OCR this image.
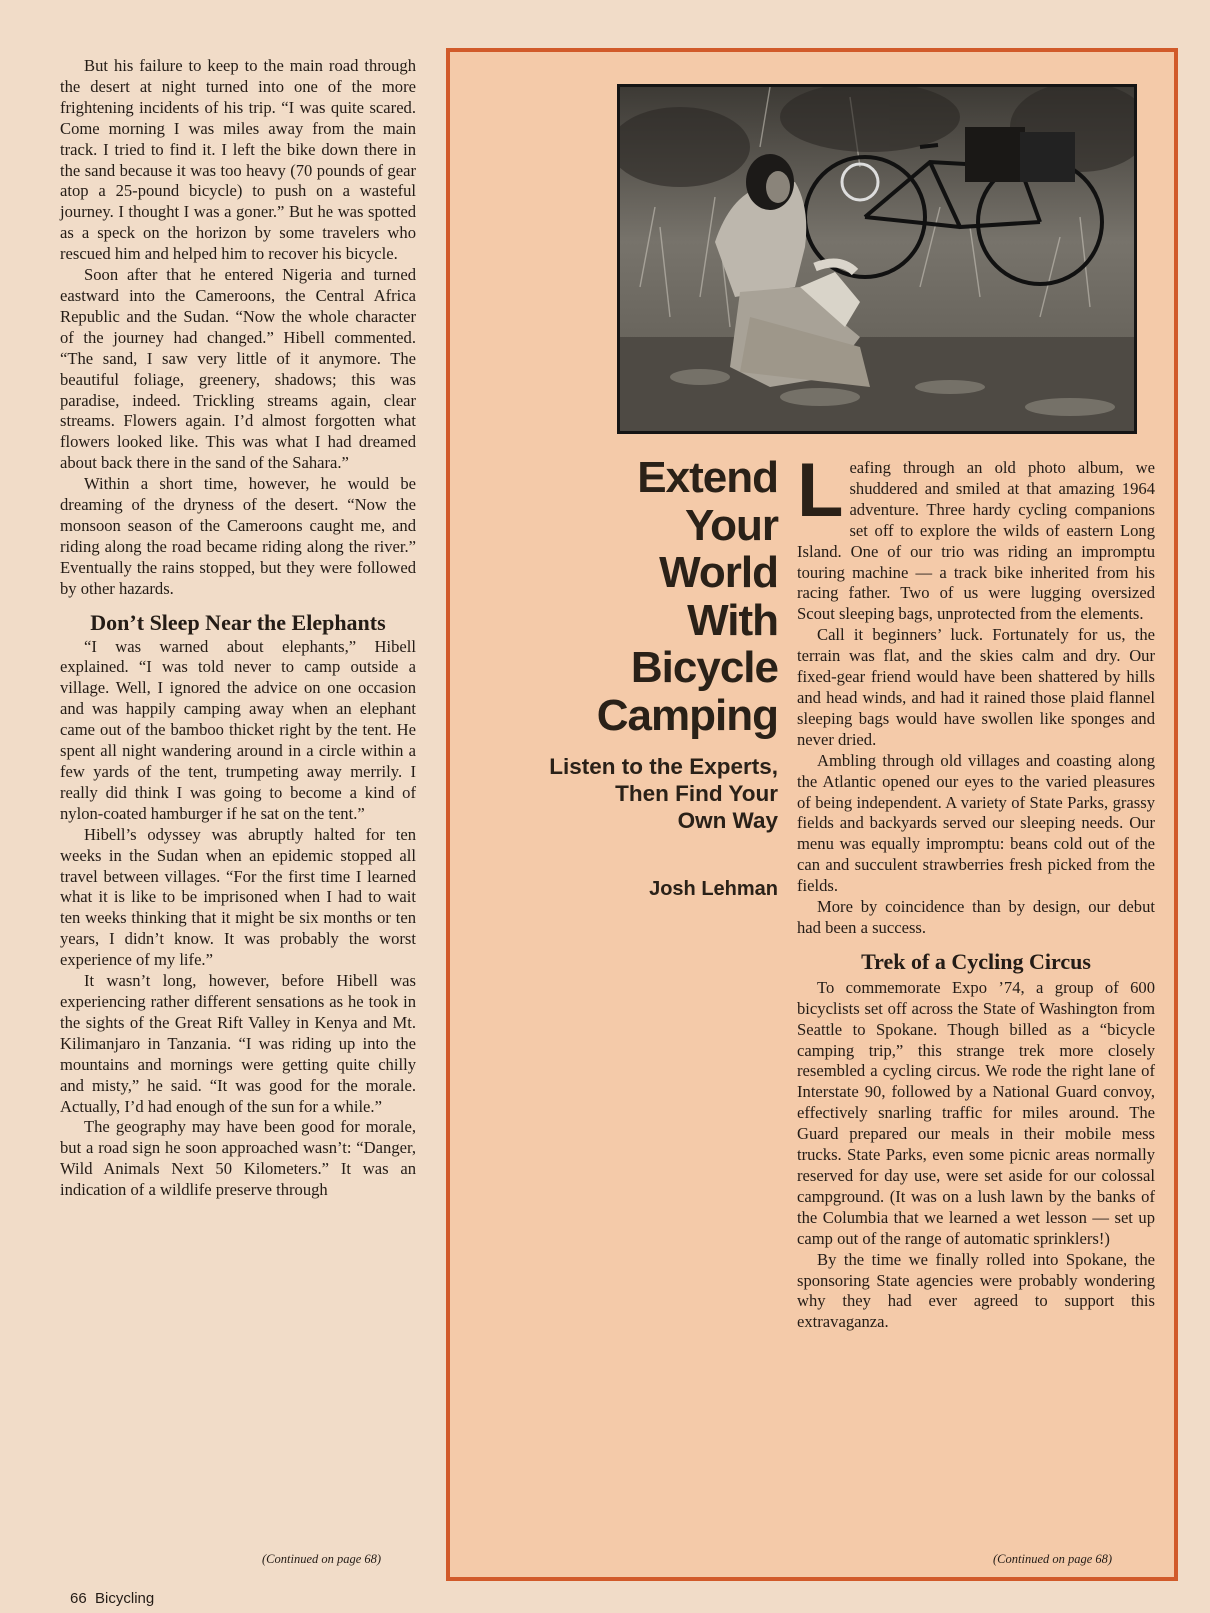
But his failure to keep to the main road through the desert at night turned into one of the more frightening incidents of his trip. “I was quite scared. Come morning I was miles away from the main track. I tried to find it. I left the bike down there in the sand because it was too heavy (70 pounds of gear atop a 25-pound bicycle) to push on a wasteful journey. I thought I was a goner.” But he was spotted as a speck on the horizon by some travelers who rescued him and helped him to recover his bicycle.

Soon after that he entered Nigeria and turned eastward into the Cameroons, the Central Africa Republic and the Sudan. “Now the whole character of the journey had changed.” Hibell commented. “The sand, I saw very little of it anymore. The beautiful foliage, greenery, shadows; this was paradise, indeed. Trickling streams again, clear streams. Flowers again. I’d almost forgotten what flowers looked like. This was what I had dreamed about back there in the sand of the Sahara.”

Within a short time, however, he would be dreaming of the dryness of the desert. “Now the monsoon season of the Cameroons caught me, and riding along the road became riding along the river.” Eventually the rains stopped, but they were followed by other hazards.

Don’t Sleep Near the Elephants

“I was warned about elephants,” Hibell explained. “I was told never to camp outside a village. Well, I ignored the advice on one occasion and was happily camping away when an elephant came out of the bamboo thicket right by the tent. He spent all night wandering around in a circle within a few yards of the tent, trumpeting away merrily. I really did think I was going to become a kind of nylon-coated hamburger if he sat on the tent.”

Hibell’s odyssey was abruptly halted for ten weeks in the Sudan when an epidemic stopped all travel between villages. “For the first time I learned what it is like to be imprisoned when I had to wait ten weeks thinking that it might be six months or ten years, I didn’t know. It was probably the worst experience of my life.”

It wasn’t long, however, before Hibell was experiencing rather different sensations as he took in the sights of the Great Rift Valley in Kenya and Mt. Kilimanjaro in Tanzania. “I was riding up into the mountains and mornings were getting quite chilly and misty,” he said. “It was good for the morale. Actually, I’d had enough of the sun for a while.”

The geography may have been good for morale, but a road sign he soon approached wasn’t: “Danger, Wild Animals Next 50 Kilometers.” It was an indication of a wildlife preserve through

(Continued on page 68)
66 Bicycling
Extend
Your
World
With
Bicycle
Camping
Listen to the Experts,
Then Find Your
Own Way
Josh Lehman

Leafing through an old photo album, we shuddered and smiled at that amazing 1964 adventure. Three hardy cycling companions set off to explore the wilds of eastern Long Island. One of our trio was riding an impromptu touring machine — a track bike inherited from his racing father. Two of us were lugging oversized Scout sleeping bags, unprotected from the elements.

Call it beginners’ luck. Fortunately for us, the terrain was flat, and the skies calm and dry. Our fixed-gear friend would have been shattered by hills and head winds, and had it rained those plaid flannel sleeping bags would have swollen like sponges and never dried.

Ambling through old villages and coasting along the Atlantic opened our eyes to the varied pleasures of being independent. A variety of State Parks, grassy fields and backyards served our sleeping needs. Our menu was equally impromptu: beans cold out of the can and succulent strawberries fresh picked from the fields.

More by coincidence than by design, our debut had been a success.

Trek of a Cycling Circus

To commemorate Expo ’74, a group of 600 bicyclists set off across the State of Washington from Seattle to Spokane. Though billed as a “bicycle camping trip,” this strange trek more closely resembled a cycling circus. We rode the right lane of Interstate 90, followed by a National Guard convoy, effectively snarling traffic for miles around. The Guard prepared our meals in their mobile mess trucks. State Parks, even some picnic areas normally reserved for day use, were set aside for our colossal campground. (It was on a lush lawn by the banks of the Columbia that we learned a wet lesson — set up camp out of the range of automatic sprinklers!)

By the time we finally rolled into Spokane, the sponsoring State agencies were probably wondering why they had ever agreed to support this extravaganza.

(Continued on page 68)
